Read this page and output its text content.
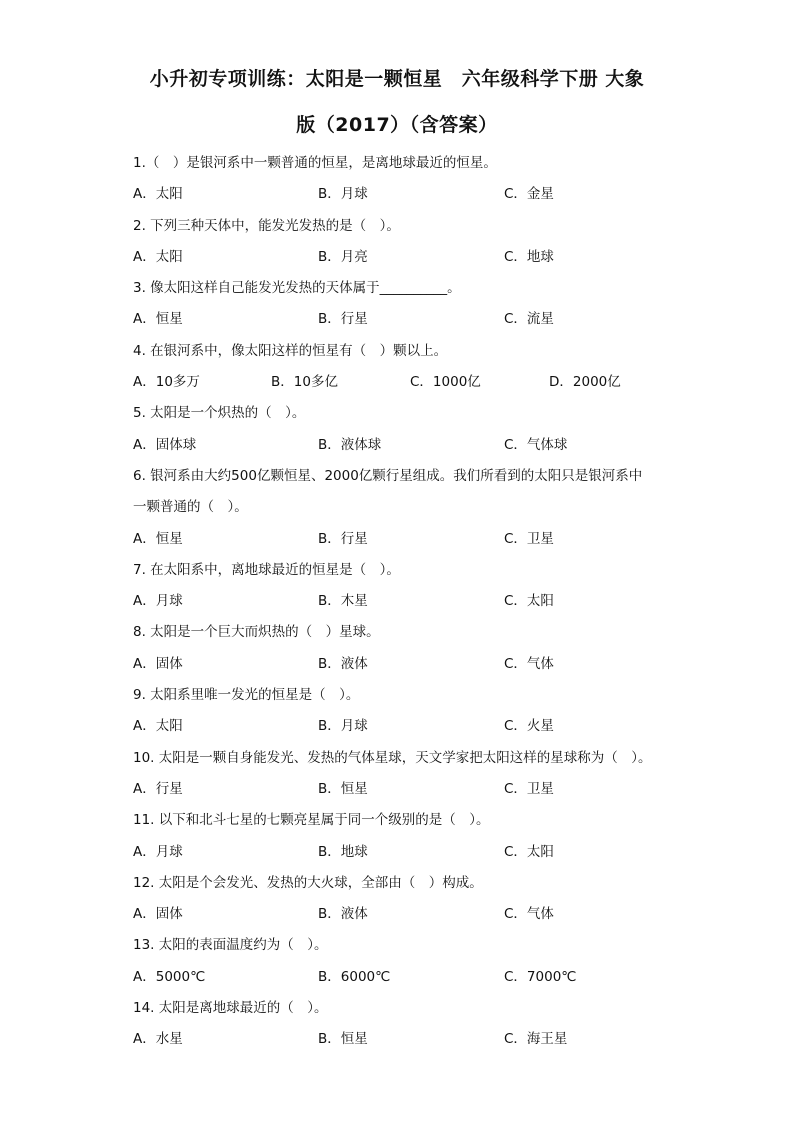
小升初专项训练：太阳是一颗恒星　六年级科学下册 大象
版（2017）（含答案）
1.（　）是银河系中一颗普通的恒星，是离地球最近的恒星。
A．太阳	B．月球	C．金星
2. 下列三种天体中，能发光发热的是（　）。
A．太阳	B．月亮	C．地球
3. 像太阳这样自己能发光发热的天体属于__________。
A．恒星	B．行星	C．流星
4. 在银河系中，像太阳这样的恒星有（　）颗以上。
A．10多万	B．10多亿	C．1000亿	D．2000亿
5. 太阳是一个炽热的（　）。
A．固体球	B．液体球	C．气体球
6. 银河系由大约500亿颗恒星、2000亿颗行星组成。我们所看到的太阳只是银河系中
一颗普通的（　）。
A．恒星	B．行星	C．卫星
7. 在太阳系中，离地球最近的恒星是（　）。
A．月球	B．木星	C．太阳
8. 太阳是一个巨大而炽热的（　）星球。
A．固体	B．液体	C．气体
9. 太阳系里唯一发光的恒星是（　）。
A．太阳	B．月球	C．火星
10. 太阳是一颗自身能发光、发热的气体星球，天文学家把太阳这样的星球称为（　）。
A．行星	B．恒星	C．卫星
11. 以下和北斗七星的七颗亮星属于同一个级别的是（　）。
A．月球	B．地球	C．太阳
12. 太阳是个会发光、发热的大火球，全部由（　）构成。
A．固体	B．液体	C．气体
13. 太阳的表面温度约为（　）。
A．5000℃	B．6000℃	C．7000℃
14. 太阳是离地球最近的（　）。
A．水星	B．恒星	C．海王星
